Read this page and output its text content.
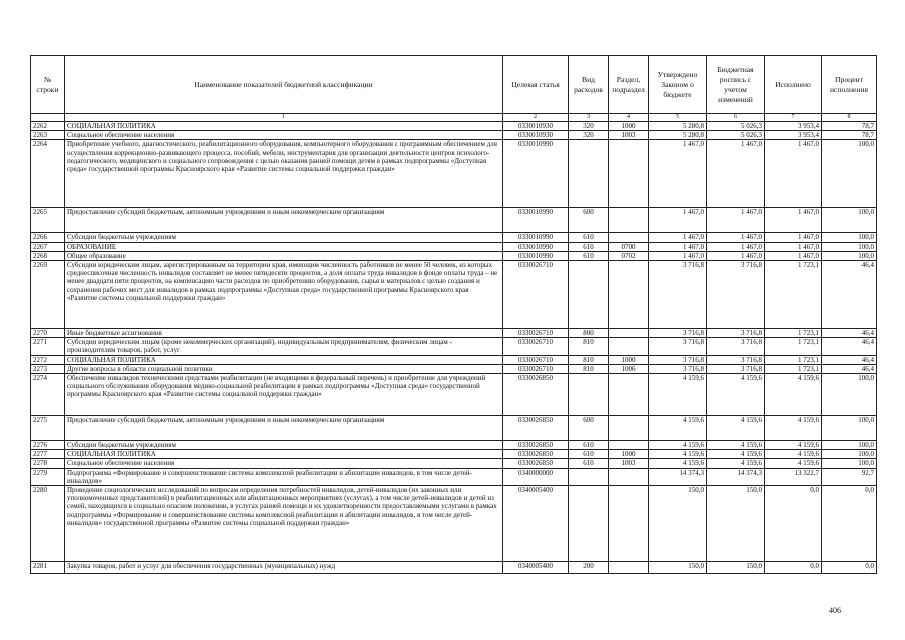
№ строки	Наименование показателей бюджетной классификации	Целевая статья	Вид расходов	Раздел, подраздел	Утверждено Законом о бюджете	Бюджетная роспись с учетом изменений	Исполнено	Процент исполнения
	1	2	3	4	5	6	7	8
2262	СОЦИАЛЬНАЯ ПОЛИТИКА	0330010930	320	1000	5 280,8	5 026,3	3 953,4	78,7
2263	Социальное обеспечение населения	0330010930	320	1003	5 280,8	5 026,3	3 953,4	78,7
2264	Приобретение учебного, диагностического, реабилитационного оборудования, компьютерного оборудования с программным обеспечением для осуществления коррекционно-развивающего процесса, пособий, мебели, инструментария для организации деятельности центров психолого-педагогического, медицинского и социального сопровождения с целью оказания ранней помощи детям в рамках подпрограммы «Доступная среда» государственной программы Красноярского края «Развитие системы социальной поддержки граждан»	0330010990			1 467,0	1 467,0	1 467,0	100,0
2265	Предоставление субсидий бюджетным, автономным учреждениям и иным некоммерческим организациям	0330010990	600		1 467,0	1 467,0	1 467,0	100,0
2266	Субсидии бюджетным учреждениям	0330010990	610		1 467,0	1 467,0	1 467,0	100,0
2267	ОБРАЗОВАНИЕ	0330010990	610	0700	1 467,0	1 467,0	1 467,0	100,0
2268	Общее образование	0330010990	610	0702	1 467,0	1 467,0	1 467,0	100,0
2269	Субсидии юридическим лицам, зарегистрированным на территории края, имеющим численность работников не менее 50 человек, из которых среднесписочная численность инвалидов составляет не менее пятидесяти процентов, а доля оплаты труда инвалидов в фонде оплаты труда – не менее двадцати пяти процентов, на компенсацию части расходов по приобретению оборудования, сырья и материалов с целью создания и сохранения рабочих мест для инвалидов в рамках подпрограммы «Доступная среда» государственной программы Красноярского края «Развитие системы социальной поддержки граждан»	0330026710			3 716,8	3 716,8	1 723,1	46,4
2270	Иные бюджетные ассигнования	0330026710	800		3 716,8	3 716,8	1 723,1	46,4
2271	Субсидии юридическим лицам (кроме некоммерческих организаций), индивидуальным предпринимателям, физическим лицам - производителям товаров, работ, услуг	0330026710	810		3 716,8	3 716,8	1 723,1	46,4
2272	СОЦИАЛЬНАЯ ПОЛИТИКА	0330026710	810	1000	3 716,8	3 716,8	1 723,1	46,4
2273	Другие вопросы в области социальной политики	0330026710	810	1006	3 716,8	3 716,8	1 723,1	46,4
2274	Обеспечение инвалидов техническими средствами реабилитации (не входящими в федеральный перечень) и приобретение для учреждений социального обслуживания оборудования медико-социальной реабилитации в рамках подпрограммы «Доступная среда» государственной программы Красноярского края «Развитие системы социальной поддержки граждан»	0330026850			4 159,6	4 159,6	4 159,6	100,0
2275	Предоставление субсидий бюджетным, автономным учреждениям и иным некоммерческим организациям	0330026850	600		4 159,6	4 159,6	4 159,6	100,0
2276	Субсидии бюджетным учреждениям	0330026850	610		4 159,6	4 159,6	4 159,6	100,0
2277	СОЦИАЛЬНАЯ ПОЛИТИКА	0330026850	610	1000	4 159,6	4 159,6	4 159,6	100,0
2278	Социальное обеспечение населения	0330026850	610	1003	4 159,6	4 159,6	4 159,6	100,0
2279	Подпрограмма «Формирование и совершенствование системы комплексной реабилитации и абилитации инвалидов, в том числе детей-инвалидов»	0340000000			14 374,3	14 374,3	13 322,7	92,7
2280	Проведение социологических исследований по вопросам определения потребностей инвалидов, детей-инвалидов (их законных или уполномоченных представителей) в реабилитационных или абилитационных мероприятиях (услугах), а том числе детей-инвалидов и детей из семей, находящихся в социально опасном положении, в услугах ранней помощи и их удовлетворенности предоставляемыми услугами в рамках подпрограммы «Формирование и совершенствование системы комплексной реабилитации и абилитации инвалидов, в том числе детей-инвалидов» государственной программы «Развитие системы социальной поддержки граждан»	0340005400			150,0	150,0	0,0	0,0
2281	Закупка товаров, работ и услуг для обеспечения государственных (муниципальных) нужд	0340005400	200		150,0	150,0	0,0	0,0
406
